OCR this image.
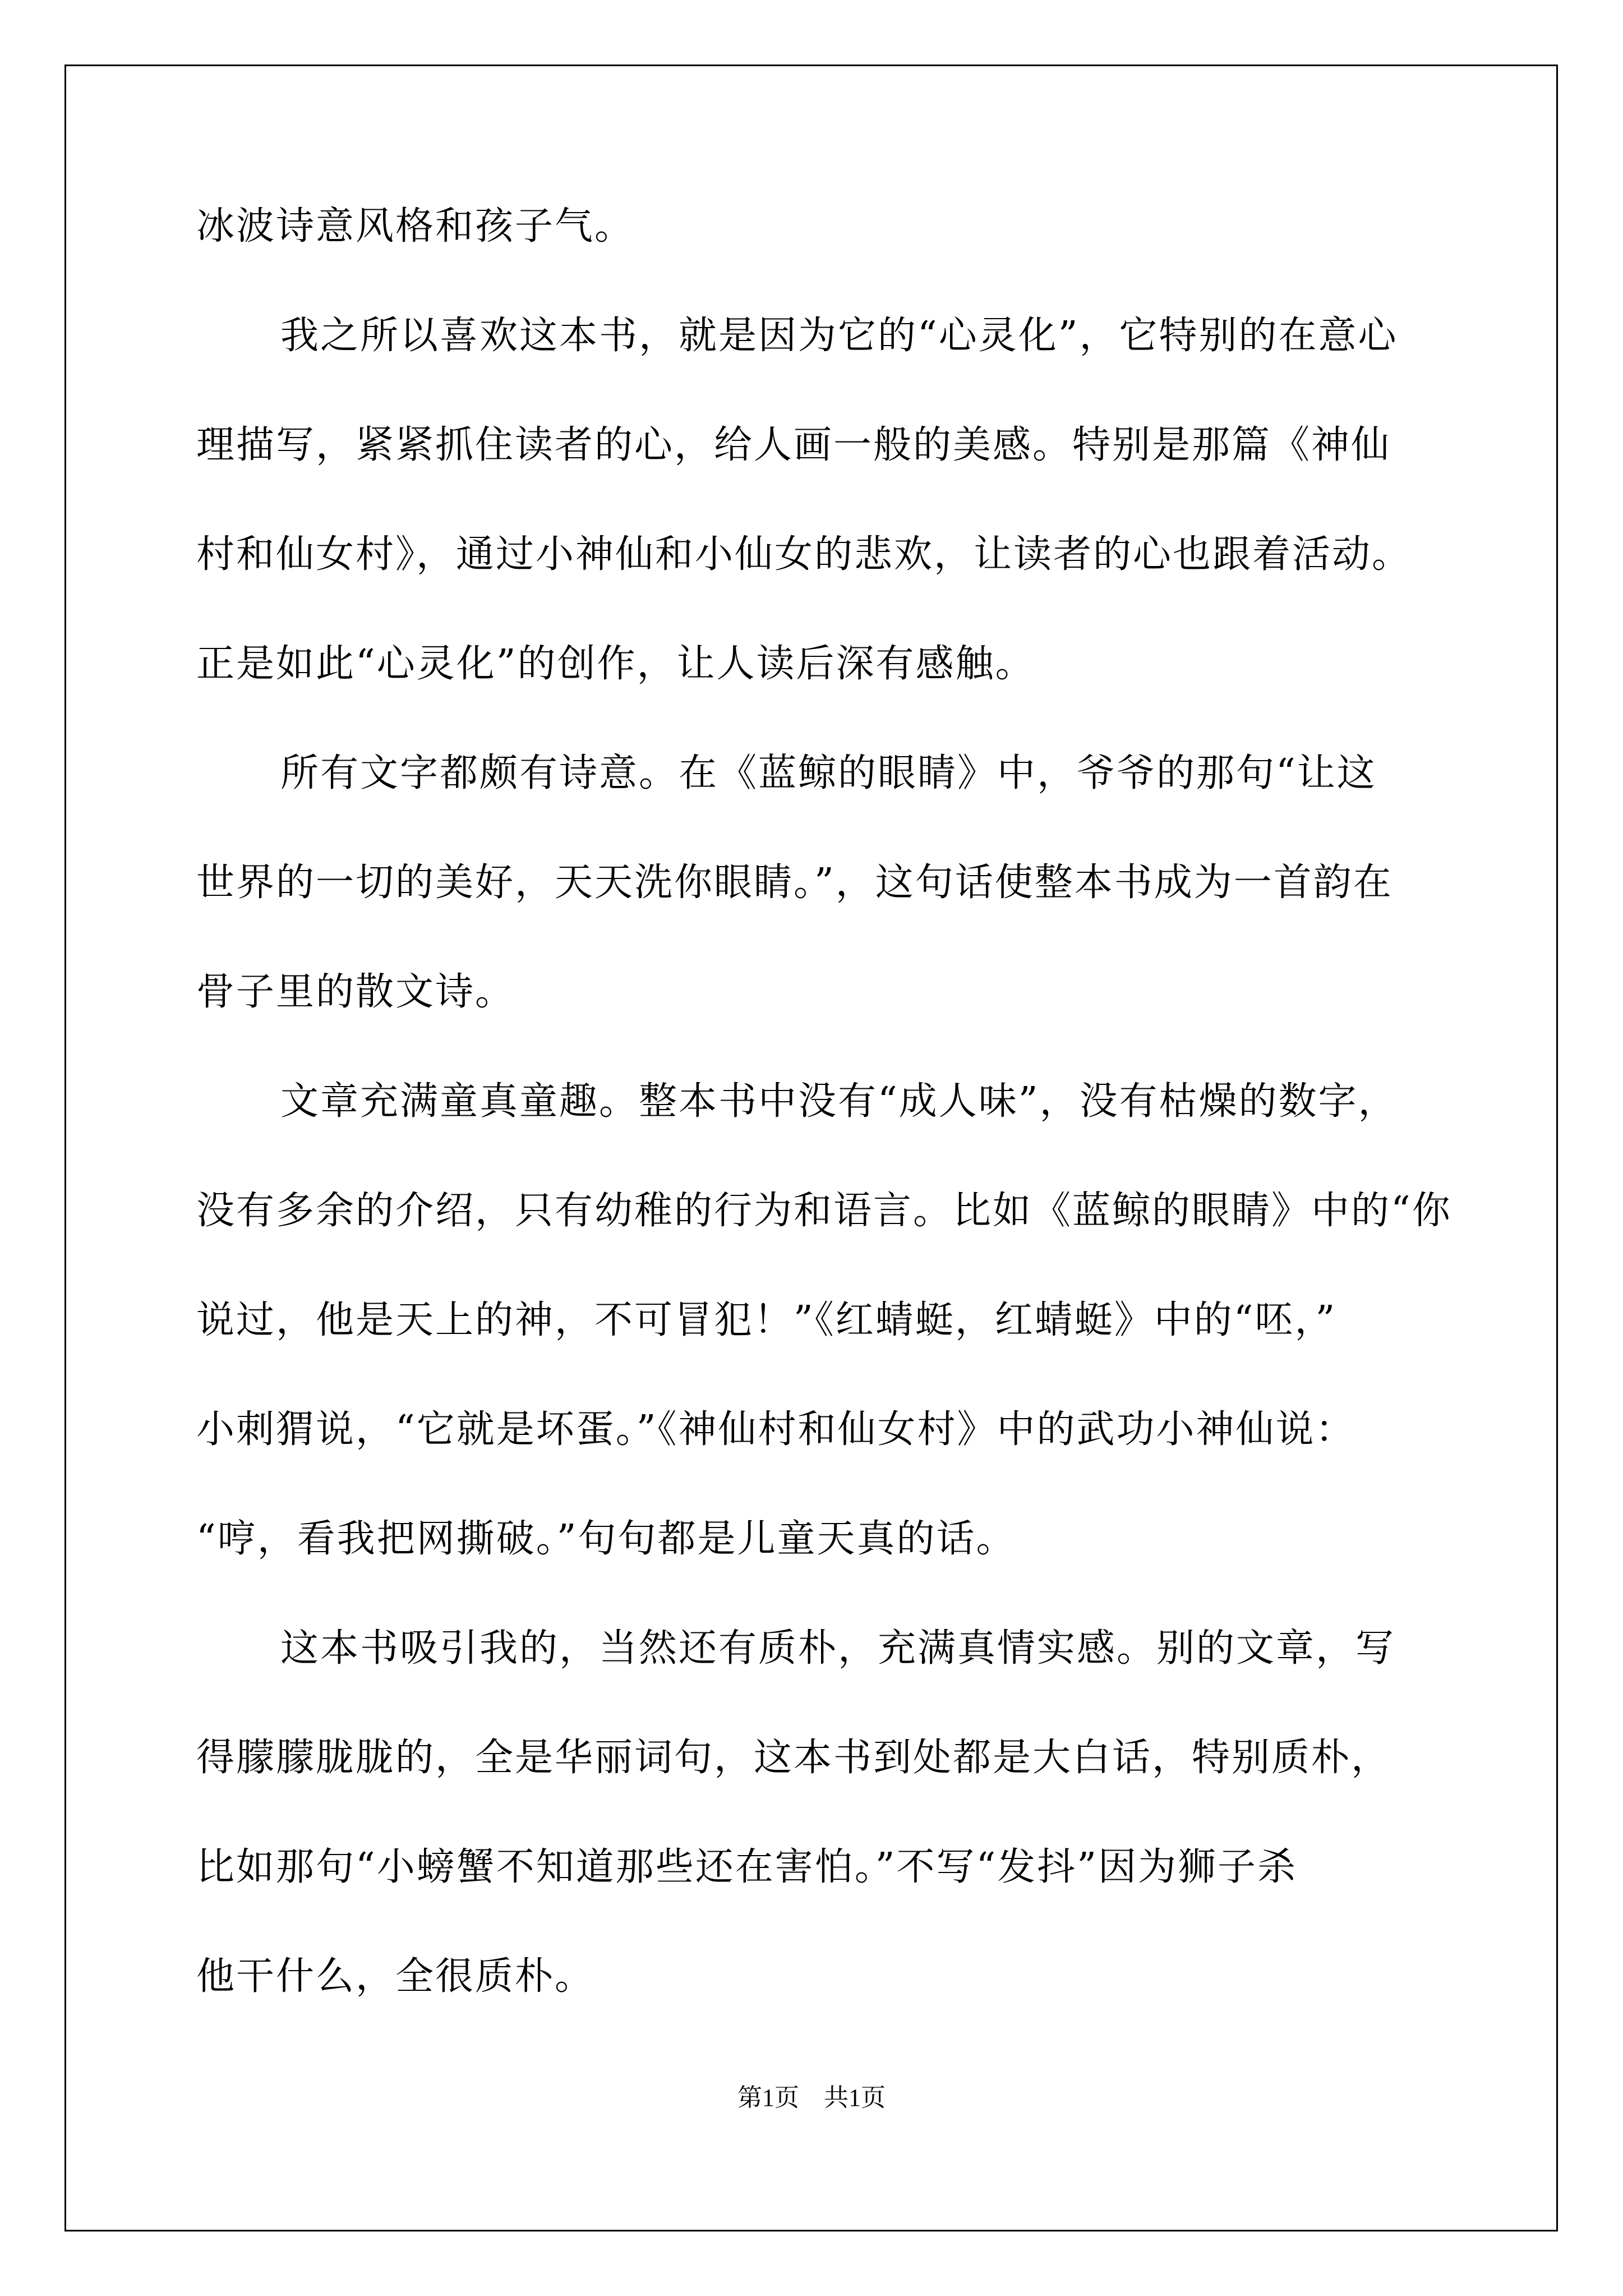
冰波诗意风格和孩子气。
我之所以喜欢这本书，就是因为它的“心灵化”，它特别的在意心
理描写，紧紧抓住读者的心，给人画一般的美感。特别是那篇《神仙
村和仙女村》，通过小神仙和小仙女的悲欢，让读者的心也跟着活动。
正是如此“心灵化”的创作，让人读后深有感触。
所有文字都颇有诗意。在《蓝鲸的眼睛》中，爷爷的那句“让这
世界的一切的美好，天天洗你眼睛。”，这句话使整本书成为一首韵在
骨子里的散文诗。
文章充满童真童趣。整本书中没有“成人味”，没有枯燥的数字，
没有多余的介绍，只有幼稚的行为和语言。比如《蓝鲸的眼睛》中的“你
说过，他是天上的神，不可冒犯！”《红蜻蜓，红蜻蜓》中的“呸，”
小刺猬说，“它就是坏蛋。”《神仙村和仙女村》中的武功小神仙说：
“哼，看我把网撕破。”句句都是儿童天真的话。
这本书吸引我的，当然还有质朴，充满真情实感。别的文章，写
得朦朦胧胧的，全是华丽词句，这本书到处都是大白话，特别质朴，
比如那句“小螃蟹不知道那些还在害怕。”不写“发抖”因为狮子杀
他干什么，全很质朴。
第1页 共1页
